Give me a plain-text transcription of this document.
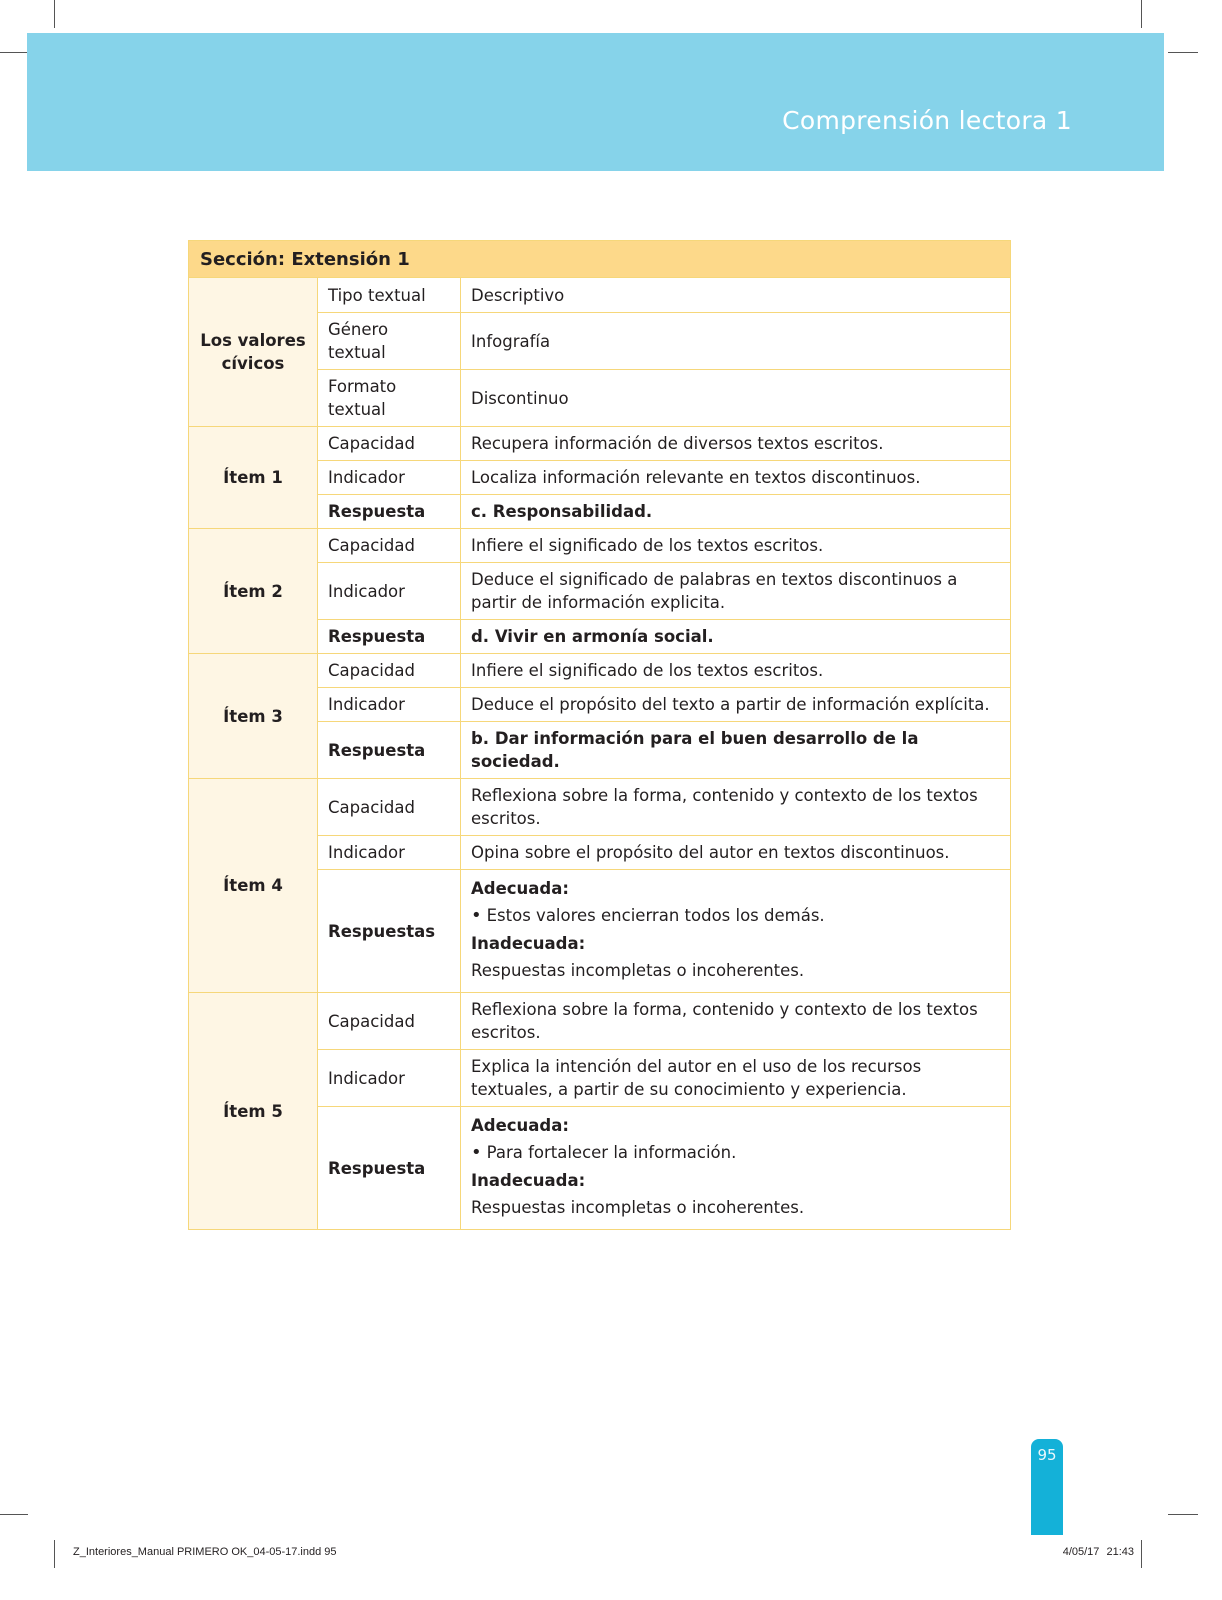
Comprensión lectora 1
Sección: Extensión 1		
Los valores cívicos	Tipo textual	Descriptivo
	Género textual	Infografía
	Formato textual	Discontinuo
Ítem 1	Capacidad	Recupera información de diversos textos escritos.
	Indicador	Localiza información relevante en textos discontinuos.
	Respuesta	c. Responsabilidad.
Ítem 2	Capacidad	Infiere el significado de los textos escritos.
	Indicador	Deduce el significado de palabras en textos discontinuos a partir de información explicita.
	Respuesta	d. Vivir en armonía social.
Ítem 3	Capacidad	Infiere el significado de los textos escritos.
	Indicador	Deduce el propósito del texto a partir de información explícita.
	Respuesta	b. Dar información para el buen desarrollo de la sociedad.
Ítem 4	Capacidad	Reflexiona sobre la forma, contenido y contexto de los textos escritos.
	Indicador	Opina sobre el propósito del autor en textos discontinuos.
	Respuestas	Adecuada:
• Estos valores encierran todos los demás.
Inadecuada:
Respuestas incompletas o incoherentes.

Ítem 5	Capacidad	Reflexiona sobre la forma, contenido y contexto de los textos escritos.
	Indicador	Explica la intención del autor en el uso de los recursos textuales, a partir de su conocimiento y experiencia.
	Respuesta	Adecuada:
• Para fortalecer la información.
Inadecuada:
Respuestas incompletas o incoherentes.
95
Z_Interiores_Manual PRIMERO OK_04-05-17.indd 95	4/05/17 21:43
